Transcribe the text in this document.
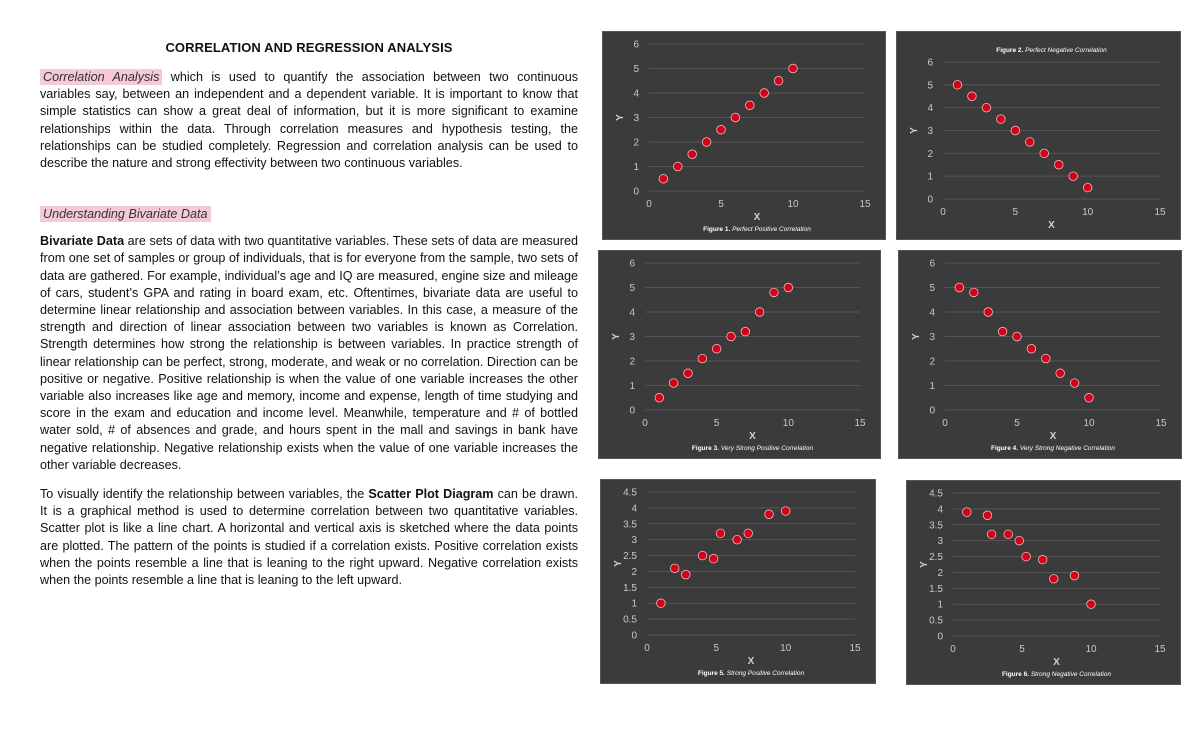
CORRELATION AND REGRESSION ANALYSIS

Correlation Analysis which is used to quantify the association between two continuous variables say, between an independent and a dependent variable. It is important to know that simple statistics can show a great deal of information, but it is more significant to examine relationships within the data. Through correlation measures and hypothesis testing, the relationships can be studied completely. Regression and correlation analysis can be used to describe the nature and strong effectivity between two continuous variables.

Understanding Bivariate Data

Bivariate Data are sets of data with two quantitative variables. These sets of data are measured from one set of samples or group of individuals, that is for everyone from the sample, two sets of data are gathered. For example, individual’s age and IQ are measured, engine size and mileage of cars, student’s GPA and rating in board exam, etc. Oftentimes, bivariate data are useful to determine linear relationship and association between variables. In this case, a measure of the strength and direction of linear association between two variables is known as Correlation. Strength determines how strong the relationship is between variables. In practice strength of linear relationship can be perfect, strong, moderate, and weak or no correlation. Direction can be positive or negative. Positive relationship is when the value of one variable increases the other variable also increases like age and memory, income and expense, length of time studying and score in the exam and education and income level. Meanwhile, temperature and # of bottled water sold, # of absences and grade, and hours spent in the mall and savings in bank have negative relationship. Negative relationship exists when the value of one variable increases the other variable decreases.

To visually identify the relationship between variables, the Scatter Plot Diagram can be drawn. It is a graphical method is used to determine correlation between two quantitative variables. Scatter plot is like a line chart. A horizontal and vertical axis is sketched where the data points are plotted. The pattern of the points is studied if a correlation exists. Positive correlation exists when the points resemble a line that is leaning to the right upward. Negative correlation exists when the points resemble a line that is leaning to the left upward.

0
1
2
3
4
5
6
0	5	10	15
X
Y
Figure 1. Perfect Positive Correlation
0
1
2
3
4
5
6
0	5	10	15
X
Y
Figure 2. Perfect Negative Correlation
0
1
2
3
4
5
6
0	5	10	15
X
Y
Figure 3. Very Strong Positive Correlation
0
1
2
3
4
5
6
0	5	10	15
X
Y
Figure 4. Very Strong Negative Correlation
0
0.5
1
1.5
2
2.5
3
3.5
4
4.5
0	5	10	15
X
Y
Figure 5. Strong Positive Correlation
0
0.5
1
1.5
2
2.5
3
3.5
4
4.5
0	5	10	15
X
Y
Figure 6. Strong Negative Correlation
